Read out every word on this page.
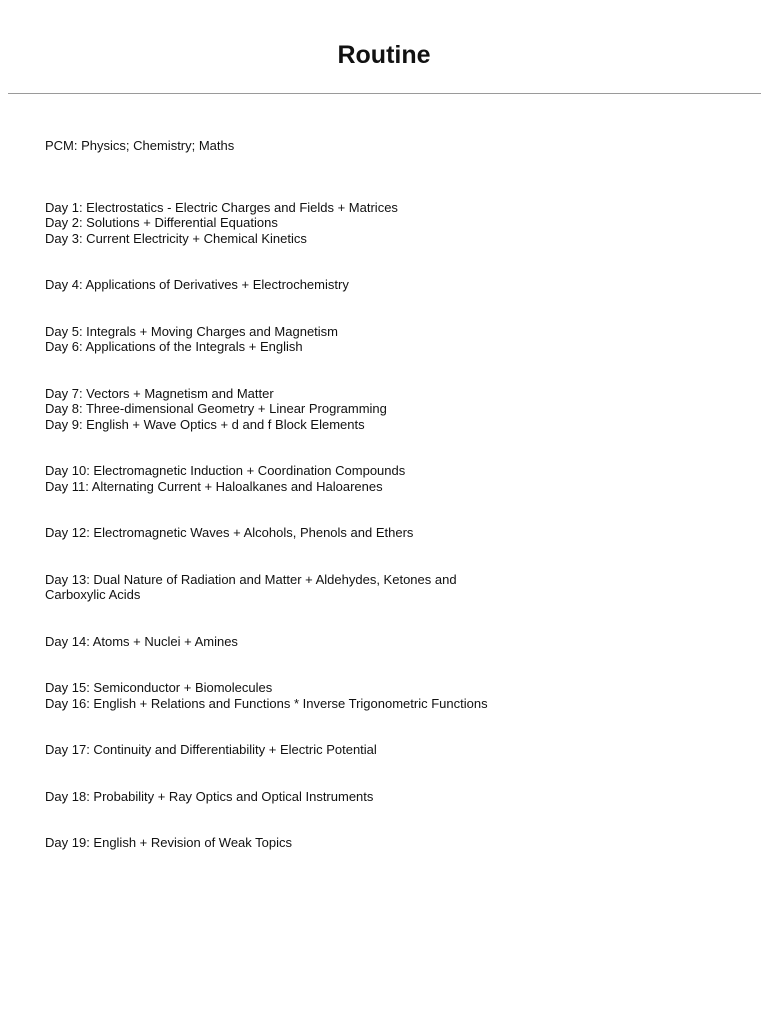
Routine
PCM: Physics; Chemistry; Maths
Day 1: Electrostatics - Electric Charges and Fields + Matrices
Day 2: Solutions + Differential Equations
Day 3: Current Electricity + Chemical Kinetics
Day 4: Applications of Derivatives + Electrochemistry
Day 5: Integrals + Moving Charges and Magnetism
Day 6: Applications of the Integrals + English
Day 7: Vectors + Magnetism and Matter
Day 8: Three-dimensional Geometry + Linear Programming
Day 9: English + Wave Optics + d and f Block Elements
Day 10: Electromagnetic Induction + Coordination Compounds
Day 11: Alternating Current + Haloalkanes and Haloarenes
Day 12: Electromagnetic Waves + Alcohols, Phenols and Ethers
Day 13: Dual Nature of Radiation and Matter + Aldehydes, Ketones and
Carboxylic Acids
Day 14: Atoms + Nuclei + Amines
Day 15: Semiconductor + Biomolecules
Day 16: English + Relations and Functions * Inverse Trigonometric Functions
Day 17: Continuity and Differentiability + Electric Potential
Day 18: Probability + Ray Optics and Optical Instruments
Day 19: English + Revision of Weak Topics
